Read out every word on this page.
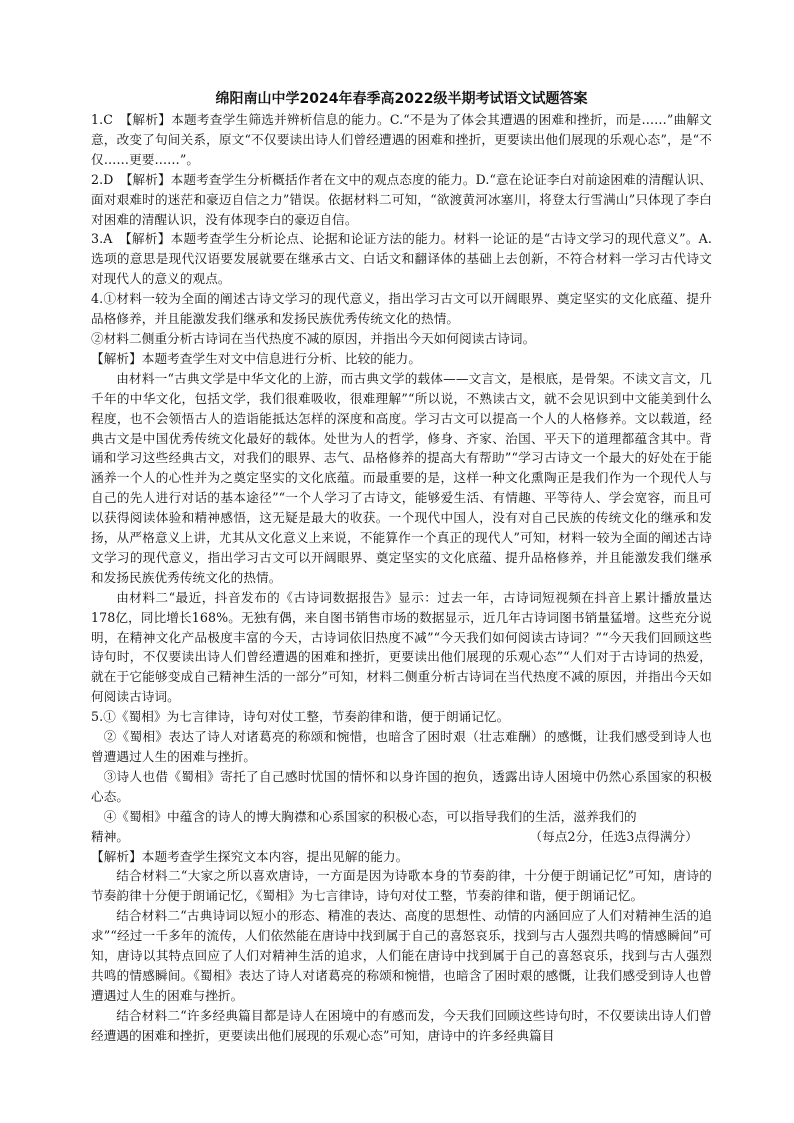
绵阳南山中学2024年春季高2022级半期考试语文试题答案

1.C　【解析】本题考查学生筛选并辨析信息的能力。C.“不是为了体会其遭遇的困难和挫折，而是……”曲解文意，改变了句间关系，原文“不仅要读出诗人们曾经遭遇的困难和挫折，更要读出他们展现的乐观心态”，是“不仅……更要……”。

2.D　【解析】本题考查学生分析概括作者在文中的观点态度的能力。D.“意在论证李白对前途困难的清醒认识、面对艰难时的迷茫和豪迈自信之力”错误。依据材料二可知，“欲渡黄河冰塞川，将登太行雪满山”只体现了李白对困难的清醒认识，没有体现李白的豪迈自信。

3.A　【解析】本题考查学生分析论点、论据和论证方法的能力。材料一论证的是“古诗文学习的现代意义”。A.选项的意思是现代汉语要发展就要在继承古文、白话文和翻译体的基础上去创新，不符合材料一学习古代诗文对现代人的意义的观点。

4.①材料一较为全面的阐述古诗文学习的现代意义，指出学习古文可以开阔眼界、奠定坚实的文化底蕴、提升品格修养，并且能激发我们继承和发扬民族优秀传统文化的热情。

②材料二侧重分析古诗词在当代热度不减的原因，并指出今天如何阅读古诗词。

【解析】本题考查学生对文中信息进行分析、比较的能力。

由材料一“古典文学是中华文化的上游，而古典文学的载体——文言文，是根底，是骨架。不读文言文，几千年的中华文化，包括文学，我们很难吸收，很难理解”“所以说，不熟读古文，就不会见识到中文能美到什么程度，也不会领悟古人的造诣能抵达怎样的深度和高度。学习古文可以提高一个人的人格修养。文以载道，经典古文是中国优秀传统文化最好的载体。处世为人的哲学，修身、齐家、治国、平天下的道理都蕴含其中。背诵和学习这些经典古文，对我们的眼界、志气、品格修养的提高大有帮助”“学习古诗文一个最大的好处在于能涵养一个人的心性并为之奠定坚实的文化底蕴。而最重要的是，这样一种文化熏陶正是我们作为一个现代人与自己的先人进行对话的基本途径”“一个人学习了古诗文，能够爱生活、有情趣、平等待人、学会宽容，而且可以获得阅读体验和精神感悟，这无疑是最大的收获。一个现代中国人，没有对自己民族的传统文化的继承和发扬，从严格意义上讲，尤其从文化意义上来说，不能算作一个真正的现代人”可知，材料一较为全面的阐述古诗文学习的现代意义，指出学习古文可以开阔眼界、奠定坚实的文化底蕴、提升品格修养，并且能激发我们继承和发扬民族优秀传统文化的热情。

由材料二“最近，抖音发布的《古诗词数据报告》显示：过去一年，古诗词短视频在抖音上累计播放量达178亿，同比增长168%。无独有偶，来自图书销售市场的数据显示，近几年古诗词图书销量猛增。这些充分说明，在精神文化产品极度丰富的今天，古诗词依旧热度不减”“今天我们如何阅读古诗词？”“今天我们回顾这些诗句时，不仅要读出诗人们曾经遭遇的困难和挫折，更要读出他们展现的乐观心态”“人们对于古诗词的热爱，就在于它能够变成自己精神生活的一部分”可知，材料二侧重分析古诗词在当代热度不减的原因，并指出今天如何阅读古诗词。

5.①《蜀相》为七言律诗，诗句对仗工整，节奏韵律和谐，便于朗诵记忆。

②《蜀相》表达了诗人对诸葛亮的称颂和惋惜，也暗含了困时艰（壮志难酬）的感慨，让我们感受到诗人也曾遭遇过人生的困难与挫折。

③诗人也借《蜀相》寄托了自己感时忧国的情怀和以身许国的抱负，透露出诗人困境中仍然心系国家的积极心态。

④《蜀相》中蕴含的诗人的博大胸襟和心系国家的积极心态，可以指导我们的生活，滋养我们的

精神。	（每点2分，任选3点得满分）

【解析】本题考查学生探究文本内容，提出见解的能力。

结合材料二“大家之所以喜欢唐诗，一方面是因为诗歌本身的节奏韵律，十分便于朗诵记忆”可知，唐诗的节奏韵律十分便于朗诵记忆，《蜀相》为七言律诗，诗句对仗工整，节奏韵律和谐，便于朗诵记忆。

结合材料二“古典诗词以短小的形态、精准的表达、高度的思想性、动情的内涵回应了人们对精神生活的追求”“经过一千多年的流传，人们依然能在唐诗中找到属于自己的喜怒哀乐，找到与古人强烈共鸣的情感瞬间”可知，唐诗以其特点回应了人们对精神生活的追求，人们能在唐诗中找到属于自己的喜怒哀乐，找到与古人强烈共鸣的情感瞬间。《蜀相》表达了诗人对诸葛亮的称颂和惋惜，也暗含了困时艰的感慨，让我们感受到诗人也曾遭遇过人生的困难与挫折。

结合材料二“许多经典篇目都是诗人在困境中的有感而发，今天我们回顾这些诗句时，不仅要读出诗人们曾经遭遇的困难和挫折，更要读出他们展现的乐观心态”可知，唐诗中的许多经典篇目
